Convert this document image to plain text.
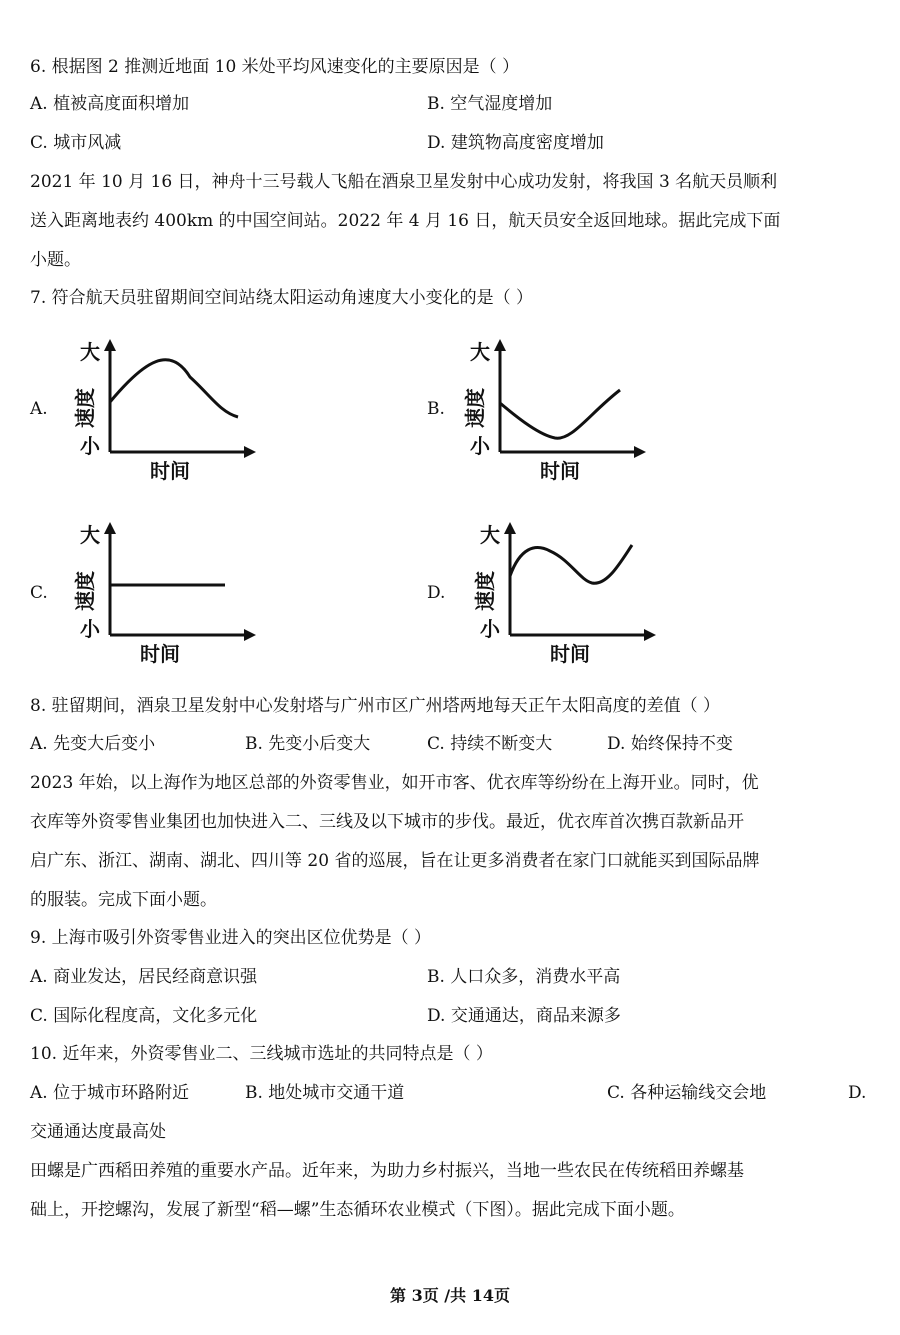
6. 根据图 2 推测近地面 10 米处平均风速变化的主要原因是（ ）
A. 植被高度面积增加	B. 空气湿度增加
C. 城市风减	D. 建筑物高度密度增加
2021 年 10 月 16 日，神舟十三号载人飞船在酒泉卫星发射中心成功发射，将我国 3 名航天员顺利
送入距离地表约 400km 的中国空间站。2022 年 4 月 16 日，航天员安全返回地球。据此完成下面
小题。
7. 符合航天员驻留期间空间站绕太阳运动角速度大小变化的是（ ）
A.
大
小
速度
时间
B.
大
小
速度
时间
C.
大
小
速度
时间
D.
大
小
速度
时间
8. 驻留期间，酒泉卫星发射中心发射塔与广州市区广州塔两地每天正午太阳高度的差值（ ）
A. 先变大后变小	B. 先变小后变大	C. 持续不断变大	D. 始终保持不变
2023 年始，以上海作为地区总部的外资零售业，如开市客、优衣库等纷纷在上海开业。同时，优
衣库等外资零售业集团也加快进入二、三线及以下城市的步伐。最近，优衣库首次携百款新品开
启广东、浙江、湖南、湖北、四川等 20 省的巡展，旨在让更多消费者在家门口就能买到国际品牌
的服装。完成下面小题。
9. 上海市吸引外资零售业进入的突出区位优势是（ ）
A. 商业发达，居民经商意识强	B. 人口众多，消费水平高
C. 国际化程度高，文化多元化	D. 交通通达，商品来源多
10. 近年来，外资零售业二、三线城市选址的共同特点是（ ）
A. 位于城市环路附近	B. 地处城市交通干道	C. 各种运输线交会地	D.
交通通达度最高处
田螺是广西稻田养殖的重要水产品。近年来，为助力乡村振兴，当地一些农民在传统稻田养螺基
础上，开挖螺沟，发展了新型“稻—螺”生态循环农业模式（下图）。据此完成下面小题。
第 3页 /共 14页
